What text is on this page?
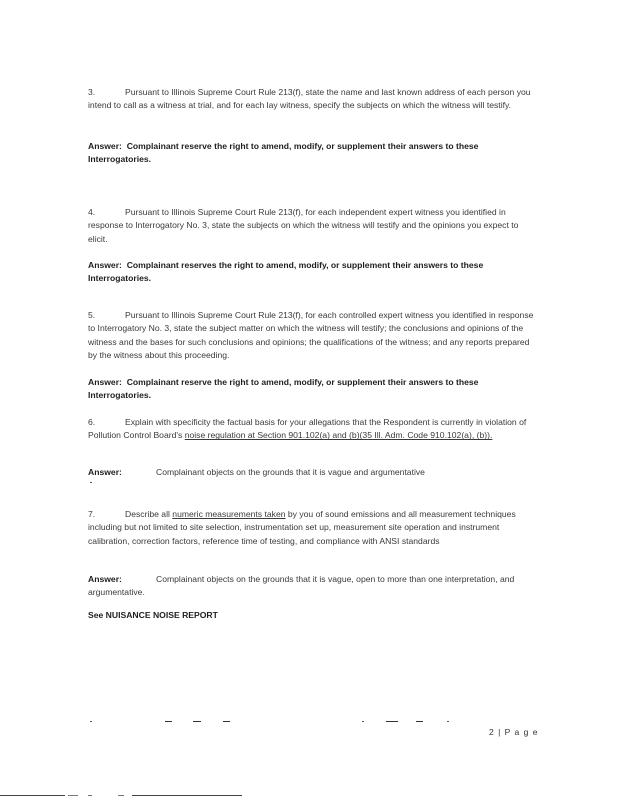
3.	Pursuant to Illinois Supreme Court Rule 213(f), state the name and last known address of each person you intend to call as a witness at trial, and for each lay witness, specify the subjects on which the witness will testify.
Answer: Complainant reserve the right to amend, modify, or supplement their answers to these Interrogatories.
4.	Pursuant to Illinois Supreme Court Rule 213(f), for each independent expert witness you identified in response to Interrogatory No. 3, state the subjects on which the witness will testify and the opinions you expect to elicit.
Answer: Complainant reserves the right to amend, modify, or supplement their answers to these Interrogatories.
5.	Pursuant to Illinois Supreme Court Rule 213(f), for each controlled expert witness you identified in response to Interrogatory No. 3, state the subject matter on which the witness will testify; the conclusions and opinions of the witness and the bases for such conclusions and opinions; the qualifications of the witness; and any reports prepared by the witness about this proceeding.
Answer: Complainant reserve the right to amend, modify, or supplement their answers to these Interrogatories.
6.	Explain with specificity the factual basis for your allegations that the Respondent is currently in violation of Pollution Control Board's noise regulation at Section 901.102(a) and (b)(35 Ill. Adm. Code 910.102(a), (b)).
Answer:	Complainant objects on the grounds that it is vague and argumentative
7.	Describe all numeric measurements taken by you of sound emissions and all measurement techniques including but not limited to site selection, instrumentation set up, measurement site operation and instrument calibration, correction factors, reference time of testing, and compliance with ANSI standards
Answer:	Complainant objects on the grounds that it is vague, open to more than one interpretation, and argumentative.
See NUISANCE NOISE REPORT
2 | P a g e
